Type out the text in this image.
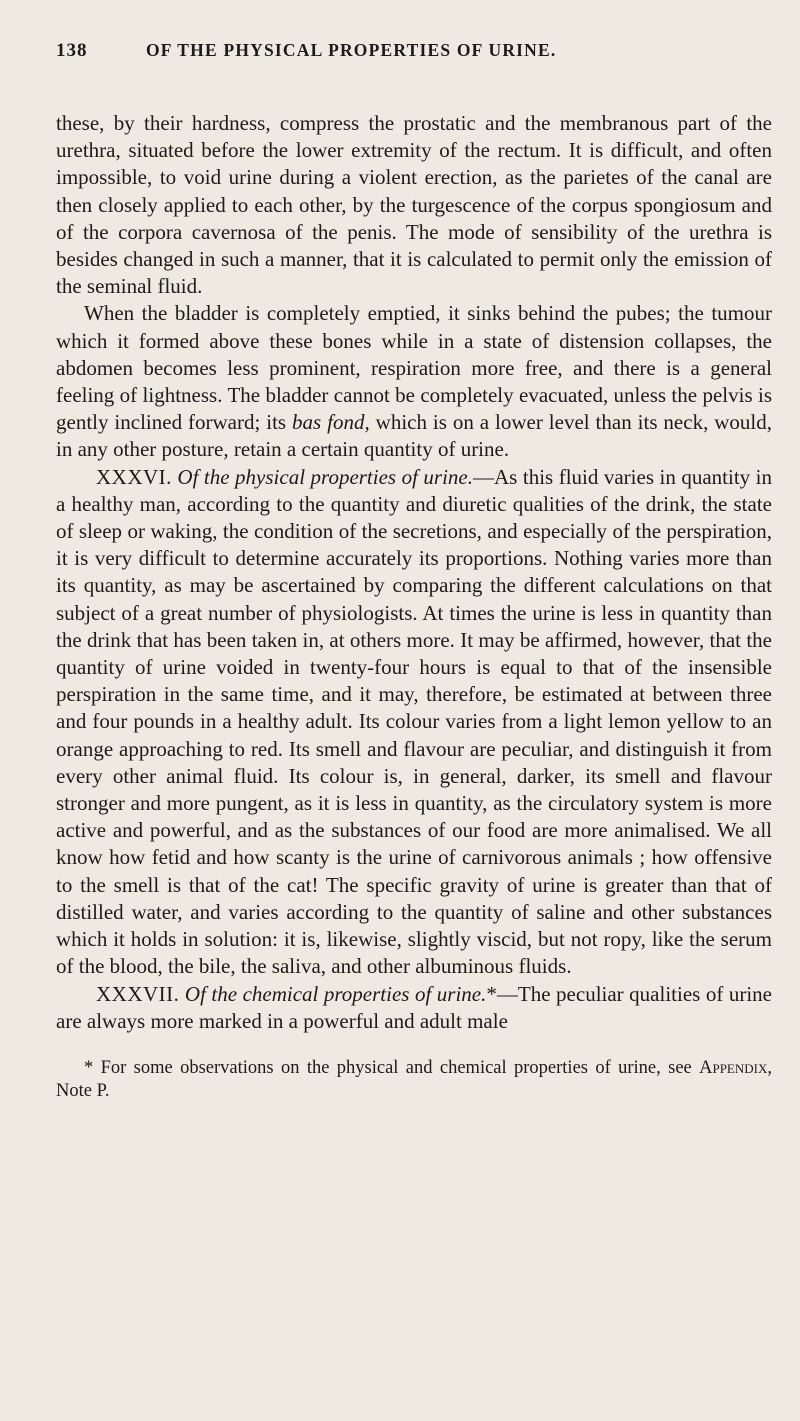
138	OF THE PHYSICAL PROPERTIES OF URINE.

these, by their hardness, compress the prostatic and the membranous part of the urethra, situated before the lower extremity of the rectum. It is difficult, and often impossible, to void urine during a violent erection, as the parietes of the canal are then closely applied to each other, by the turgescence of the corpus spongiosum and of the corpora cavernosa of the penis. The mode of sensibility of the urethra is besides changed in such a manner, that it is calculated to permit only the emission of the seminal fluid.

When the bladder is completely emptied, it sinks behind the pubes; the tumour which it formed above these bones while in a state of distension collapses, the abdomen becomes less prominent, respiration more free, and there is a general feeling of lightness. The bladder cannot be completely evacuated, unless the pelvis is gently inclined forward; its bas fond, which is on a lower level than its neck, would, in any other posture, retain a certain quantity of urine.

XXXVI. Of the physical properties of urine.—As this fluid varies in quantity in a healthy man, according to the quantity and diuretic qualities of the drink, the state of sleep or waking, the condition of the secretions, and especially of the perspiration, it is very difficult to determine accurately its proportions. Nothing varies more than its quantity, as may be ascertained by comparing the different calculations on that subject of a great number of physiologists. At times the urine is less in quantity than the drink that has been taken in, at others more. It may be affirmed, however, that the quantity of urine voided in twenty-four hours is equal to that of the insensible perspiration in the same time, and it may, therefore, be estimated at between three and four pounds in a healthy adult. Its colour varies from a light lemon yellow to an orange approaching to red. Its smell and flavour are peculiar, and distinguish it from every other animal fluid. Its colour is, in general, darker, its smell and flavour stronger and more pungent, as it is less in quantity, as the circulatory system is more active and powerful, and as the substances of our food are more animalised. We all know how fetid and how scanty is the urine of carnivorous animals ; how offensive to the smell is that of the cat! The specific gravity of urine is greater than that of distilled water, and varies according to the quantity of saline and other substances which it holds in solution: it is, likewise, slightly viscid, but not ropy, like the serum of the blood, the bile, the saliva, and other albuminous fluids.

XXXVII. Of the chemical properties of urine.*—The peculiar qualities of urine are always more marked in a powerful and adult male

* For some observations on the physical and chemical properties of urine, see Appendix, Note P.
